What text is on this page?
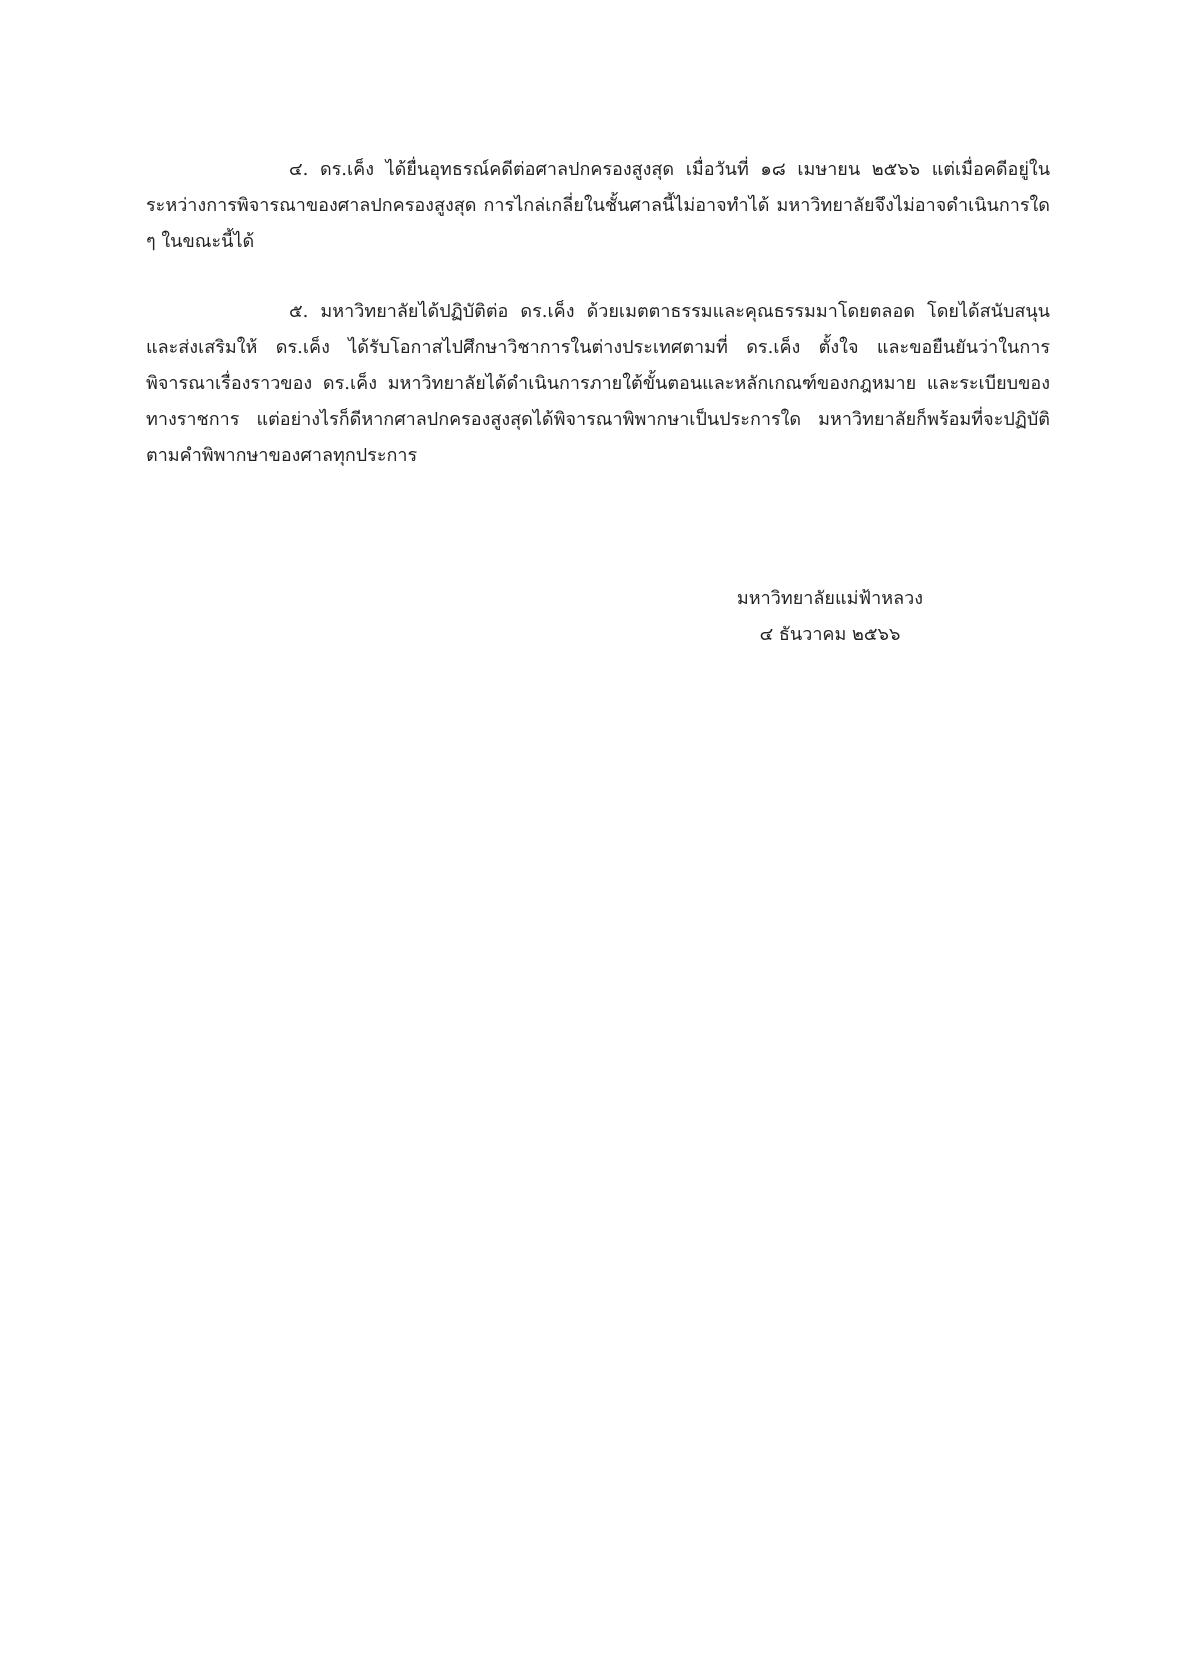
๔. ดร.เค็ง ได้ยื่นอุทธรณ์คดีต่อศาลปกครองสูงสุด เมื่อวันที่ ๑๘ เมษายน ๒๕๖๖ แต่เมื่อคดีอยู่ในระหว่างการพิจารณาของศาลปกครองสูงสุด การไกล่เกลี่ยในชั้นศาลนี้ไม่อาจทำได้ มหาวิทยาลัยจึงไม่อาจดำเนินการใด ๆ ในขณะนี้ได้

๕. มหาวิทยาลัยได้ปฏิบัติต่อ ดร.เค็ง ด้วยเมตตาธรรมและคุณธรรมมาโดยตลอด โดยได้สนับสนุนและส่งเสริมให้ ดร.เค็ง ได้รับโอกาสไปศึกษาวิชาการในต่างประเทศตามที่ ดร.เค็ง ตั้งใจ และขอยืนยันว่าในการพิจารณาเรื่องราวของ ดร.เค็ง มหาวิทยาลัยได้ดำเนินการภายใต้ขั้นตอนและหลักเกณฑ์ของกฎหมาย และระเบียบของทางราชการ แต่อย่างไรก็ดีหากศาลปกครองสูงสุดได้พิจารณาพิพากษาเป็นประการใด มหาวิทยาลัยก็พร้อมที่จะปฏิบัติตามคำพิพากษาของศาลทุกประการ

มหาวิทยาลัยแม่ฟ้าหลวง
๔ ธันวาคม ๒๕๖๖
